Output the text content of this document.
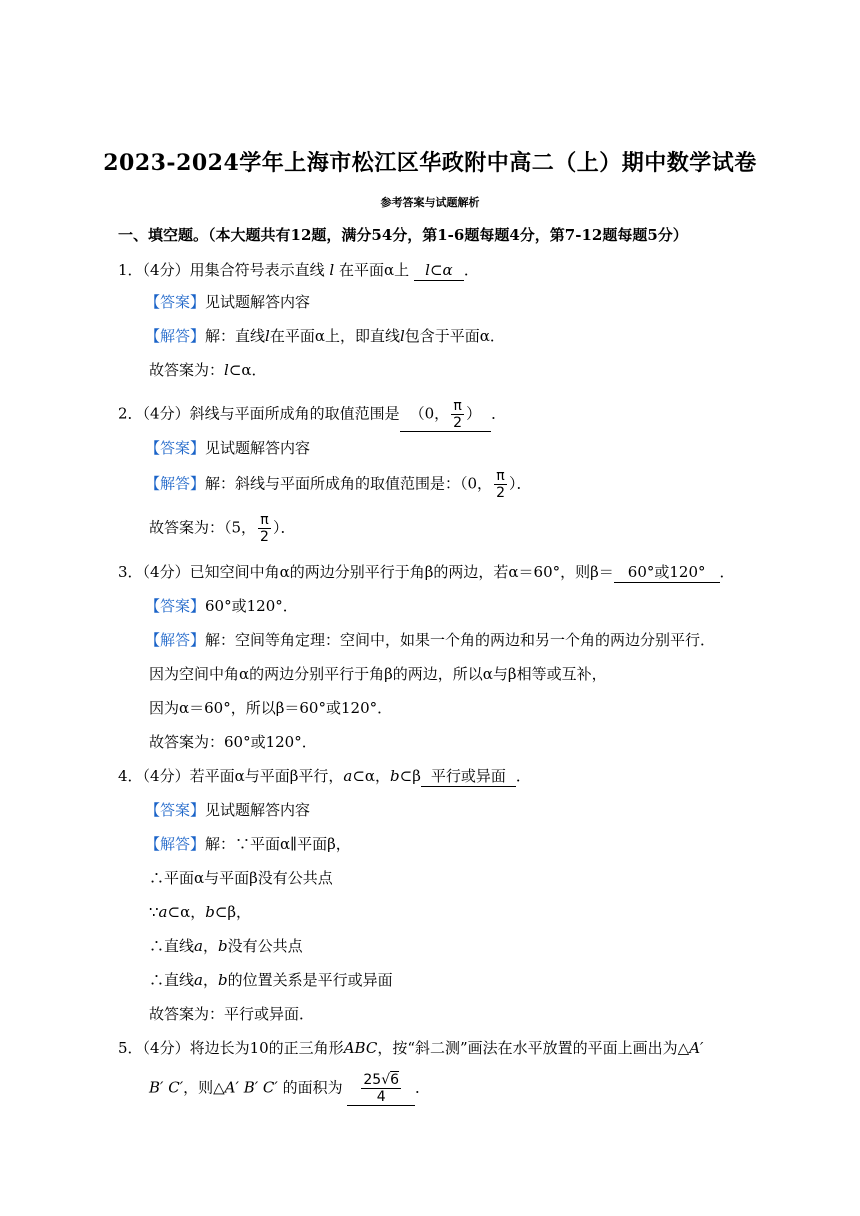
2023-2024学年上海市松江区华政附中高二（上）期中数学试卷
参考答案与试题解析
一、填空题。（本大题共有12题，满分54分，第1-6题每题4分，第7-12题每题5分）
1．（4分）用集合符号表示直线 l 在平面α上 l⊂α ．
【答案】见试题解答内容
【解答】解：直线l在平面α上，即直线l包含于平面α．
故答案为：l⊂α．
2．（4分）斜线与平面所成角的取值范围是 （0， $\frac{\pi}{2}$ ） ．
【答案】见试题解答内容
【解答】解：斜线与平面所成角的取值范围是：（0， $\frac{\pi}{2}$ ）．
故答案为：（5， $\frac{\pi}{2}$ ）．
3．（4分）已知空间中角α的两边分别平行于角β的两边，若α＝60°，则β＝ 60°或120° ．
【答案】60°或120°．
【解答】解：空间等角定理：空间中，如果一个角的两边和另一个角的两边分别平行．
因为空间中角α的两边分别平行于角β的两边，所以α与β相等或互补，
因为α＝60°，所以β＝60°或120°．
故答案为：60°或120°．
4．（4分）若平面α与平面β平行，a⊂α，b⊂β 平行或异面 ．
【答案】见试题解答内容
【解答】解：∵平面α∥平面β，
∴平面α与平面β没有公共点
∵a⊂α，b⊂β，
∴直线a，b没有公共点
∴直线a，b的位置关系是平行或异面
故答案为：平行或异面．
5．（4分）将边长为10的正三角形ABC，按“斜二测”画法在水平放置的平面上画出为△A′
B′ C′，则△A′ B′ C′ 的面积为 $\frac{25√6}{4}$ ．
